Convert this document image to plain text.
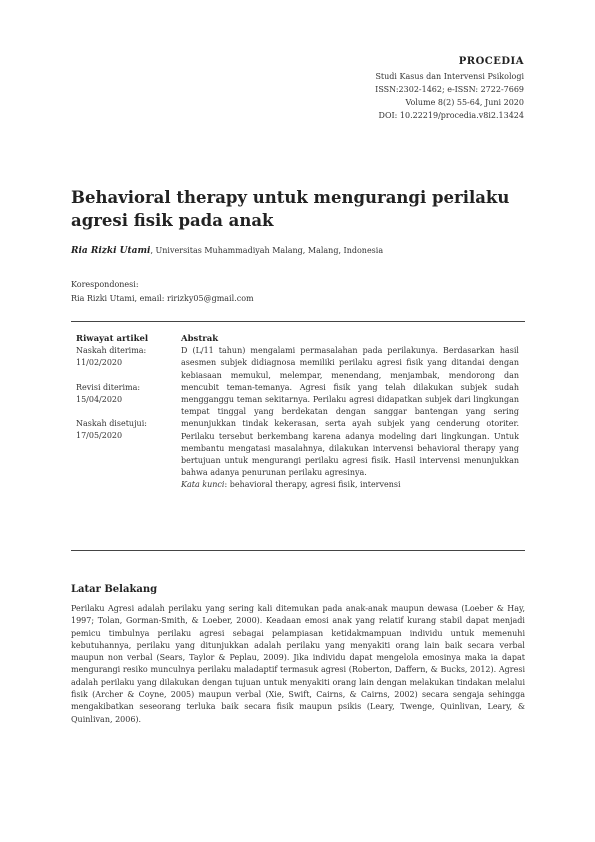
PROCEDIA
Studi Kasus dan Intervensi Psikologi
ISSN:2302-1462; e-ISSN: 2722-7669
Volume 8(2) 55-64, Juni 2020
DOI: 10.22219/procedia.v8i2.13424
Behavioral therapy untuk mengurangi perilaku agresi fisik pada anak
Ria Rizki Utami, Universitas Muhammadiyah Malang, Malang, Indonesia
Korespondonesi:
Ria Rizki Utami, email: ririzky05@gmail.com
Riwayat artikel
Naskah diterima:
11/02/2020
Revisi diterima:
15/04/2020
Naskah disetujui:
17/05/2020
Abstrak
D (L/11 tahun) mengalami permasalahan pada perilakunya. Berdasarkan hasil asesmen subjek didiagnosa memiliki perilaku agresi fisik yang ditandai dengan kebiasaan memukul, melempar, menendang, menjambak, mendorong dan mencubit teman-temanya. Agresi fisik yang telah dilakukan subjek sudah mengganggu teman sekitarnya. Perilaku agresi didapatkan subjek dari lingkungan tempat tinggal yang berdekatan dengan sanggar bantengan yang sering menunjukkan tindak kekerasan, serta ayah subjek yang cenderung otoriter. Perilaku tersebut berkembang karena adanya modeling dari lingkungan. Untuk membantu mengatasi masalahnya, dilakukan intervensi behavioral therapy yang bertujuan untuk mengurangi perilaku agresi fisik. Hasil intervensi menunjukkan bahwa adanya penurunan perilaku agresinya.
Kata kunci: behavioral therapy, agresi fisik, intervensi
Latar Belakang
Perilaku Agresi adalah perilaku yang sering kali ditemukan pada anak-anak maupun dewasa (Loeber & Hay, 1997; Tolan, Gorman-Smith, & Loeber, 2000). Keadaan emosi anak yang relatif kurang stabil dapat menjadi pemicu timbulnya perilaku agresi sebagai pelampiasan ketidakmampuan individu untuk memenuhi kebutuhannya, perilaku yang ditunjukkan adalah perilaku yang menyakiti orang lain baik secara verbal maupun non verbal (Sears, Taylor & Peplau, 2009). Jika individu dapat mengelola emosinya maka ia dapat mengurangi resiko munculnya perilaku maladaptif termasuk agresi (Roberton, Daffern, & Bucks, 2012). Agresi adalah perilaku yang dilakukan dengan tujuan untuk menyakiti orang lain dengan melakukan tindakan melalui fisik (Archer & Coyne, 2005) maupun verbal (Xie, Swift, Cairns, & Cairns, 2002) secara sengaja sehingga mengakibatkan seseorang terluka baik secara fisik maupun psikis (Leary, Twenge, Quinlivan, Leary, & Quinlivan, 2006).
